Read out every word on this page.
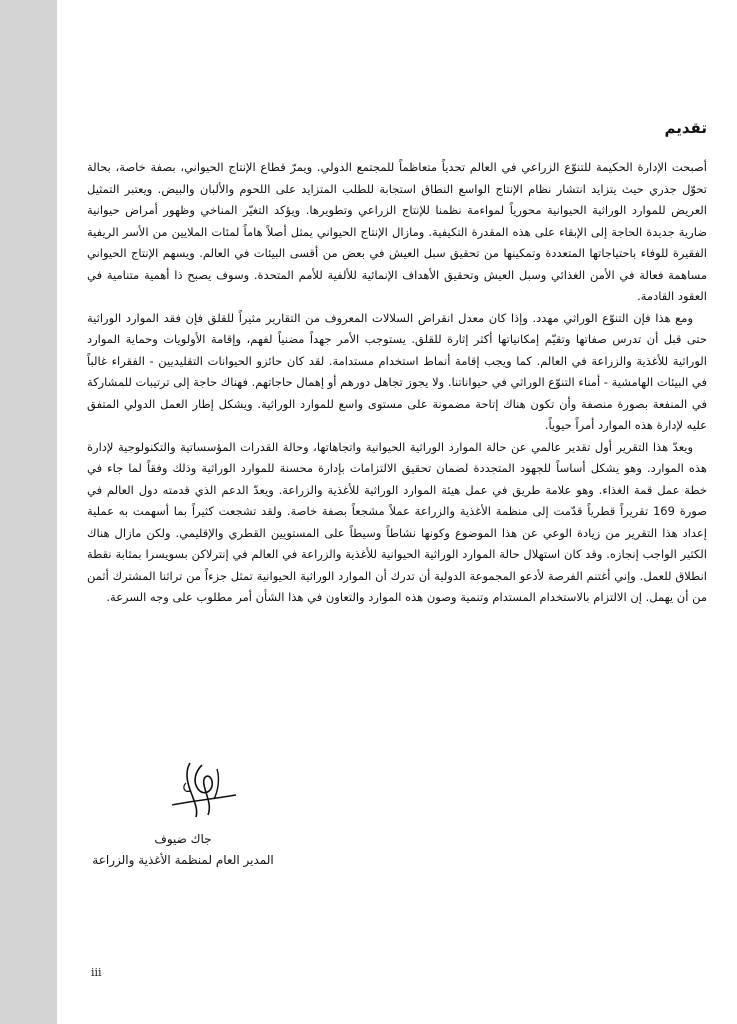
تقديم

أصبحت الإدارة الحكيمة للتنوّع الزراعي في العالم تحدياً متعاظماً للمجتمع الدولي. ويمرّ قطاع الإنتاج الحيواني، بصفة خاصة، بحالة تحوّل جذري حيث يتزايد انتشار نظام الإنتاج الواسع النطاق استجابة للطلب المتزايد على اللحوم والألبان والبيض. ويعتبر التمثيل العريض للموارد الوراثية الحيوانية محورياً لمواءمة نظمنا للإنتاج الزراعي وتطويرها. ويؤكد التغيّر المناخي وظهور أمراض حيوانية ضارية جديدة الحاجة إلى الإبقاء على هذه المقدرة التكيفية. ومازال الإنتاج الحيواني يمثل أصلاً هاماً لمئات الملايين من الأسر الريفية الفقيرة للوفاء باحتياجاتها المتعددة وتمكينها من تحقيق سبل العيش في بعض من أقسى البيئات في العالم. ويسهم الإنتاج الحيواني مساهمة فعالة في الأمن الغذائي وسبل العيش وتحقيق الأهداف الإنمائية للألفية للأمم المتحدة. وسوف يصبح ذا أهمية متنامية في العقود القادمة.

ومع هذا فإن التنوّع الوراثي مهدد. وإذا كان معدل انقراض السلالات المعروف من التقارير مثيراً للقلق فإن فقد الموارد الوراثية حتى قبل أن تدرس صفاتها وتقيّم إمكانياتها أكثر إثارة للقلق. يستوجب الأمر جهداً مضنياً لفهم، وإقامة الأولويات وحماية الموارد الوراثية للأغذية والزراعة في العالم. كما ويجب إقامة أنماط استخدام مستدامة. لقد كان حائزو الحيوانات التقليديين - الفقراء غالباً في البيئات الهامشية - أمناء التنوّع الوراثي في حيواناتنا. ولا يجوز تجاهل دورهم أو إهمال حاجاتهم. فهناك حاجة إلى ترتيبات للمشاركة في المنفعة بصورة منصفة وأن تكون هناك إتاحة مضمونة على مستوى واسع للموارد الوراثية. ويشكل إطار العمل الدولي المتفق عليه لإدارة هذه الموارد أمراً حيوياً.

ويعدّ هذا التقرير أول تقدير عالمي عن حالة الموارد الوراثية الحيوانية واتجاهاتها، وحالة القدرات المؤسساتية والتكنولوجية لإدارة هذه الموارد. وهو يشكل أساساً للجهود المتجددة لضمان تحقيق الالتزامات بإدارة محسنة للموارد الوراثية وذلك وفقاً لما جاء في خطة عمل قمة الغذاء. وهو علامة طريق في عمل هيئة الموارد الوراثية للأغذية والزراعة. ويعدّ الدعم الذي قدمته دول العالم في صورة 169 تقريراً قطرياً قدّمت إلى منظمة الأغذية والزراعة عملاً مشجعاً بصفة خاصة. ولقد تشجعت كثيراً بما أسهمت به عملية إعداد هذا التقرير من زيادة الوعي عن هذا الموضوع وكونها نشاطاً وسيطاً على المستويين القطري والإقليمي. ولكن مازال هناك الكثير الواجب إنجازه. وقد كان استهلال حالة الموارد الوراثية الحيوانية للأغذية والزراعة في العالم في إنترلاكن بسويسرا بمثابة نقطة انطلاق للعمل. وإني أغتنم الفرصة لأدعو المجموعة الدولية أن تدرك أن الموارد الوراثية الحيوانية تمثل جزءاً من تراثنا المشترك أثمن من أن يهمل. إن الالتزام بالاستخدام المستدام وتنمية وصون هذه الموارد والتعاون في هذا الشأن أمر مطلوب على وجه السرعة.

جاك ضيوف

المدير العام لمنظمة الأغذية والزراعة

iii
